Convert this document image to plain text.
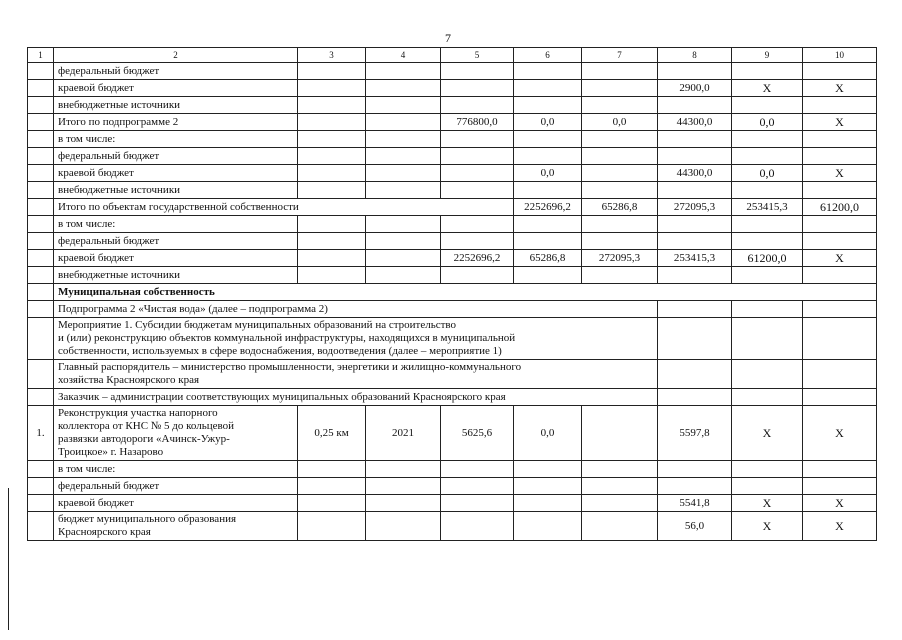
7
1	2	3	4	5	6	7	8	9	10	
	федеральный бюджет									
	краевой бюджет						2900,0	X	X	
	внебюджетные источники									
	Итого по подпрограмме 2			776800,0	0,0	0,0	44300,0	0,0	X	
	в том числе:									
	федеральный бюджет									
	краевой бюджет				0,0		44300,0	0,0	X	
	внебюджетные источники									
	Итого по объектам государственной собственности				2252696,2	65286,8	272095,3	253415,3	61200,0	
	в том числе:									
	федеральный бюджет									
	краевой бюджет			2252696,2	65286,8	272095,3	253415,3	61200,0	X	
	внебюджетные источники									
	Муниципальная собственность									
	Подпрограмма 2 «Чистая вода» (далее – подпрограмма 2)									

	Мероприятие 1. Субсидии бюджетам муниципальных образований на строительство
и (или) реконструкцию объектов коммунальной инфраструктуры, находящихся в муниципальной
собственности, используемых в сфере водоснабжения, водоотведения (далее – мероприятие 1)									

	Главный распорядитель – министерство промышленности, энергетики и жилищно-коммунального
хозяйства Красноярского края									

	Заказчик – администрации соответствующих муниципальных образований Красноярского края									
1.	Реконструкция участка напорного
коллектора от КНС № 5 до кольцевой
развязки автодороги «Ачинск-Ужур-
Троицкое» г. Назарово	0,25 км	2021	5625,6	0,0		5597,8	X	X	
	в том числе:									
	федеральный бюджет									
	краевой бюджет						5541,8	X	X	

	бюджет муниципального образования
Красноярского края						56,0	X	X	
